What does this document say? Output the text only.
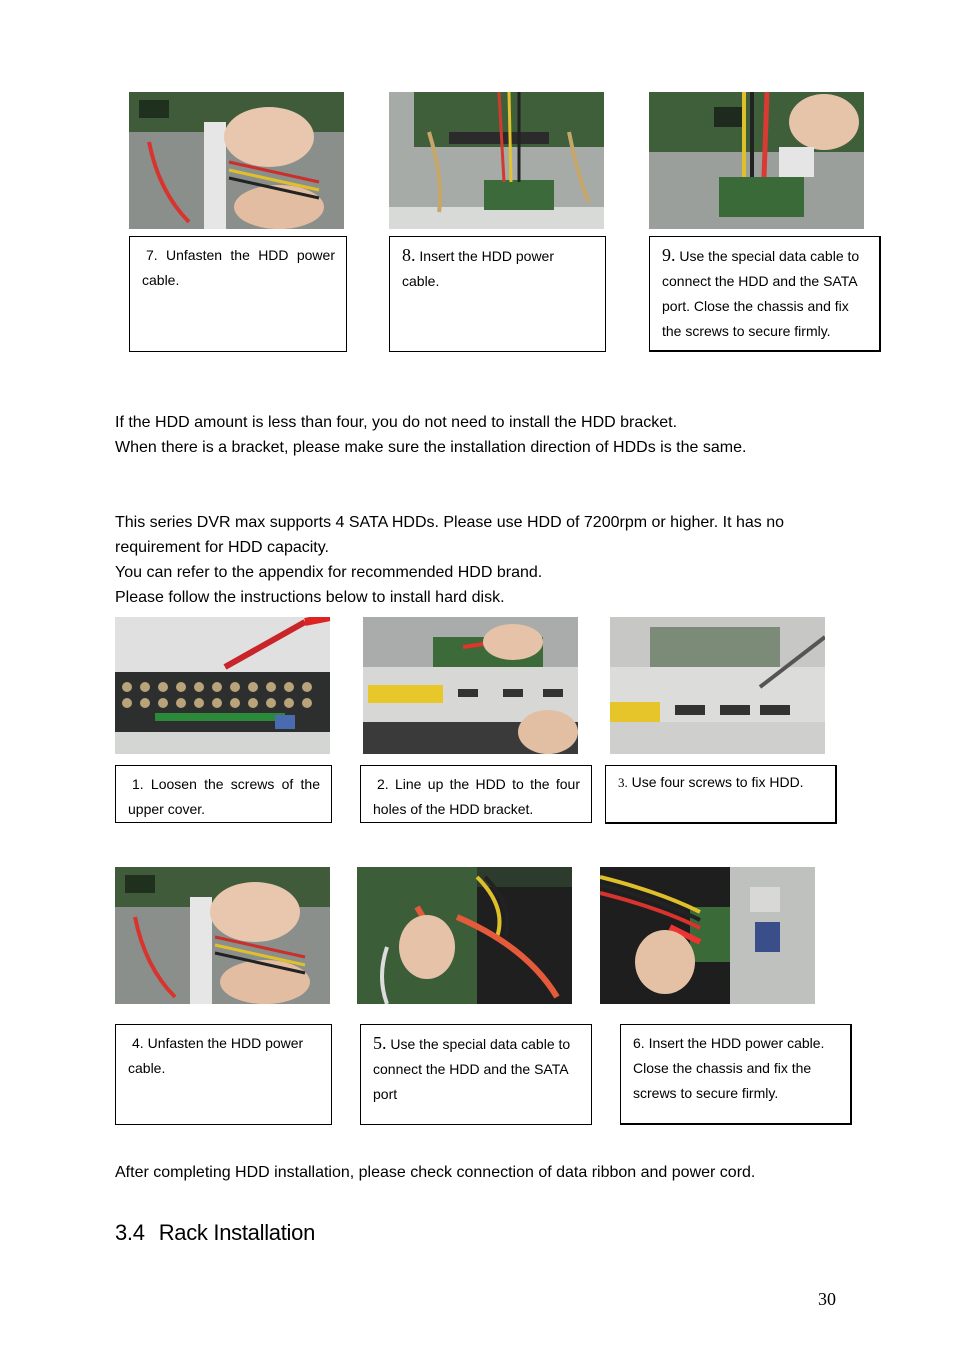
7. Unfasten the HDD power cable.
8. Insert the HDD power cable.
9. Use the special data cable to connect the HDD and the SATA port. Close the chassis and fix the screws to secure firmly.

If the HDD amount is less than four, you do not need to install the HDD bracket.

When there is a bracket, please make sure the installation direction of HDDs is the same.

This series DVR max supports 4 SATA HDDs. Please use HDD of 7200rpm or higher. It has no requirement for HDD capacity.

You can refer to the appendix for recommended HDD brand.

Please follow the instructions below to install hard disk.

1. Loosen the screws of the upper cover.
2. Line up the HDD to the four holes of the HDD bracket.
3. Use four screws to fix HDD.
4. Unfasten the HDD power cable.
5. Use the special data cable to connect the HDD and the SATA port
6. Insert the HDD power cable. Close the chassis and fix the screws to secure firmly.

After completing HDD installation, please check connection of data ribbon and power cord.

3.4 Rack Installation
30
